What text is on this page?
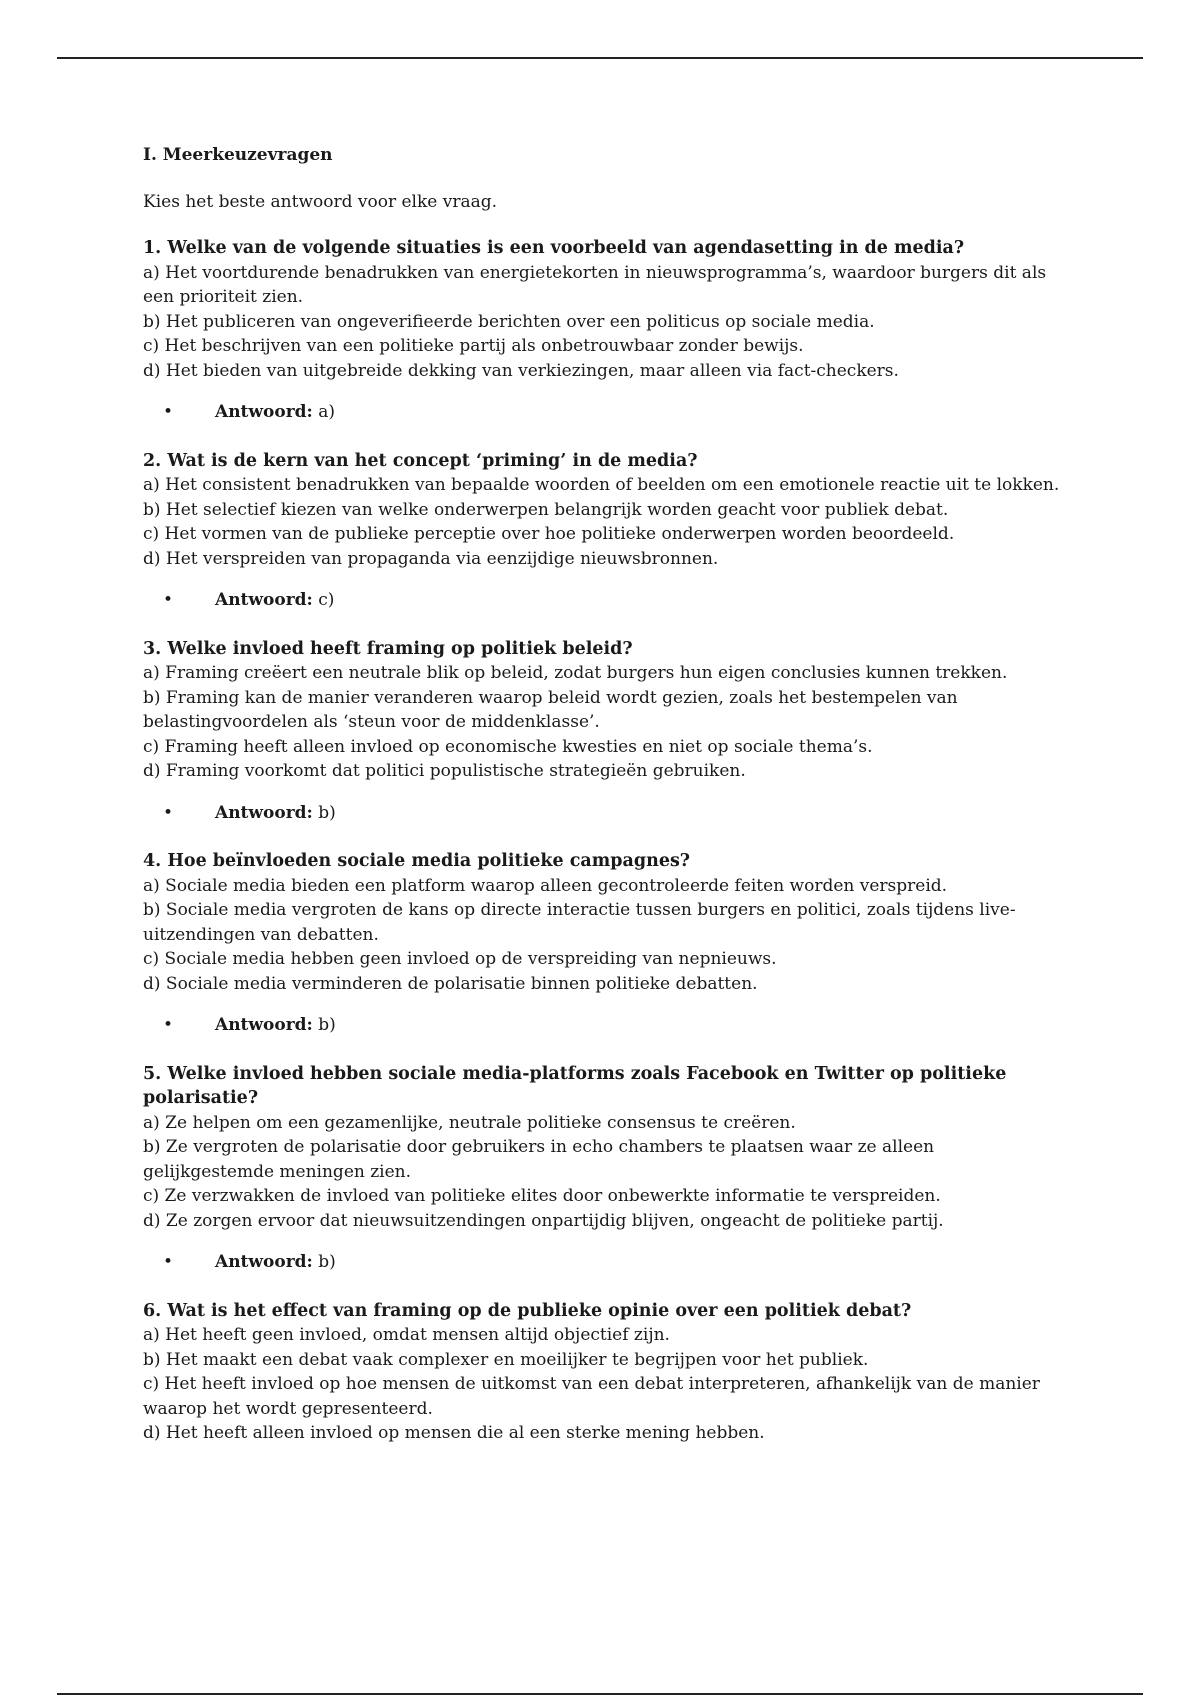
I. Meerkeuzevragen
Kies het beste antwoord voor elke vraag.
1. Welke van de volgende situaties is een voorbeeld van agendasetting in de media?
a) Het voortdurende benadrukken van energietekorten in nieuwsprogramma’s, waardoor burgers dit als een prioriteit zien.
b) Het publiceren van ongeverifieerde berichten over een politicus op sociale media.
c) Het beschrijven van een politieke partij als onbetrouwbaar zonder bewijs.
d) Het bieden van uitgebreide dekking van verkiezingen, maar alleen via fact-checkers.
• Antwoord: a)
2. Wat is de kern van het concept ‘priming’ in de media?
a) Het consistent benadrukken van bepaalde woorden of beelden om een emotionele reactie uit te lokken.
b) Het selectief kiezen van welke onderwerpen belangrijk worden geacht voor publiek debat.
c) Het vormen van de publieke perceptie over hoe politieke onderwerpen worden beoordeeld.
d) Het verspreiden van propaganda via eenzijdige nieuwsbronnen.
• Antwoord: c)
3. Welke invloed heeft framing op politiek beleid?
a) Framing creëert een neutrale blik op beleid, zodat burgers hun eigen conclusies kunnen trekken.
b) Framing kan de manier veranderen waarop beleid wordt gezien, zoals het bestempelen van belastingvoordelen als ‘steun voor de middenklasse’.
c) Framing heeft alleen invloed op economische kwesties en niet op sociale thema’s.
d) Framing voorkomt dat politici populistische strategieën gebruiken.
• Antwoord: b)
4. Hoe beïnvloeden sociale media politieke campagnes?
a) Sociale media bieden een platform waarop alleen gecontroleerde feiten worden verspreid.
b) Sociale media vergroten de kans op directe interactie tussen burgers en politici, zoals tijdens live-uitzendingen van debatten.
c) Sociale media hebben geen invloed op de verspreiding van nepnieuws.
d) Sociale media verminderen de polarisatie binnen politieke debatten.
• Antwoord: b)
5. Welke invloed hebben sociale media-platforms zoals Facebook en Twitter op politieke polarisatie?
a) Ze helpen om een gezamenlijke, neutrale politieke consensus te creëren.
b) Ze vergroten de polarisatie door gebruikers in echo chambers te plaatsen waar ze alleen gelijkgestemde meningen zien.
c) Ze verzwakken de invloed van politieke elites door onbewerkte informatie te verspreiden.
d) Ze zorgen ervoor dat nieuwsuitzendingen onpartijdig blijven, ongeacht de politieke partij.
• Antwoord: b)
6. Wat is het effect van framing op de publieke opinie over een politiek debat?
a) Het heeft geen invloed, omdat mensen altijd objectief zijn.
b) Het maakt een debat vaak complexer en moeilijker te begrijpen voor het publiek.
c) Het heeft invloed op hoe mensen de uitkomst van een debat interpreteren, afhankelijk van de manier waarop het wordt gepresenteerd.
d) Het heeft alleen invloed op mensen die al een sterke mening hebben.
